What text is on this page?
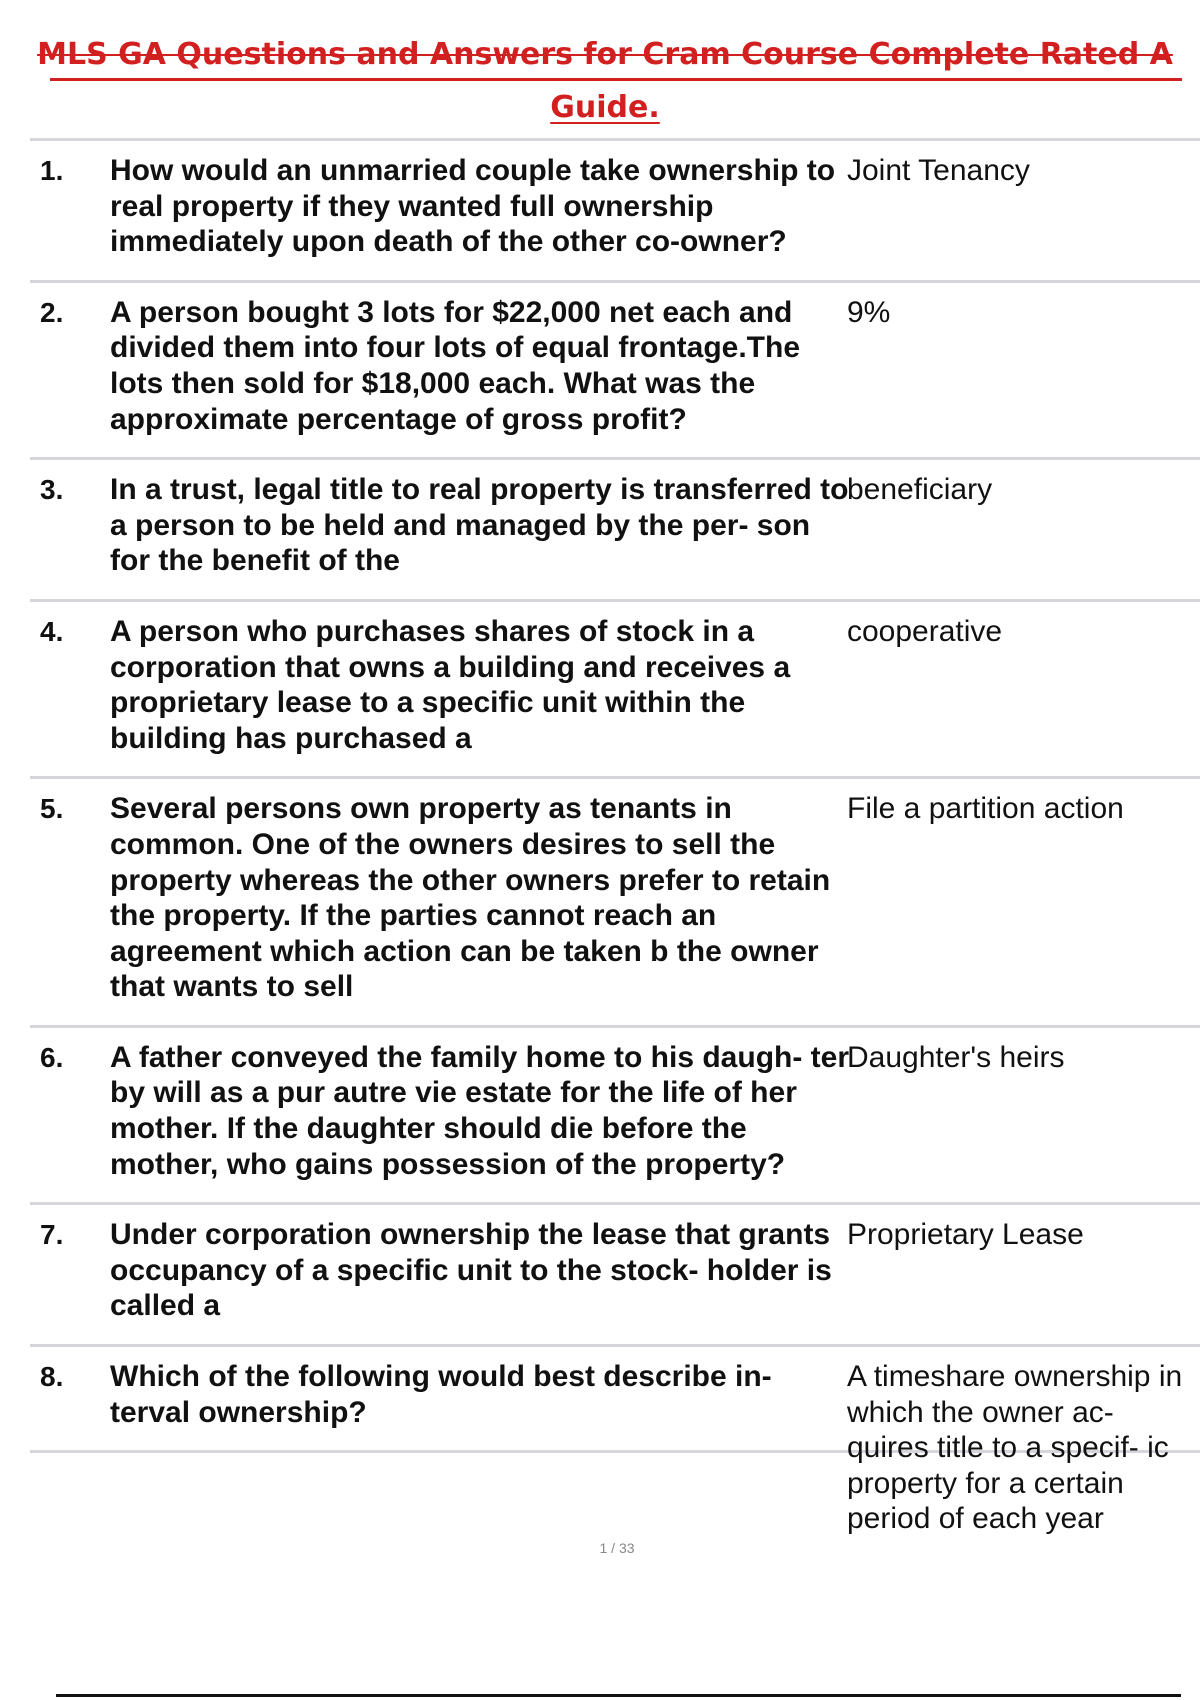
MLS GA Questions and Answers for Cram Course Complete Rated A
Guide.
1. How would an unmarried couple take ownership to real property if they wanted full ownership immediately upon death of the other co-owner?
Joint Tenancy
2. A person bought 3 lots for $22,000 net each and divided them into four lots of equal frontage.The lots then sold for $18,000 each. What was the approximate percentage of gross profit?
9%
3. In a trust, legal title to real property is transferred to a person to be held and managed by the per- son for the benefit of the
beneficiary
4. A person who purchases shares of stock in a corporation that owns a building and receives a proprietary lease to a specific unit within the building has purchased a
cooperative
5. Several persons own property as tenants in common. One of the owners desires to sell the property whereas the other owners prefer to retain the property. If the parties cannot reach an agreement which action can be taken b the owner that wants to sell
File a partition action
6. A father conveyed the family home to his daugh- ter by will as a pur autre vie estate for the life of her mother. If the daughter should die before the mother, who gains possession of the property?
Daughter's heirs
7. Under corporation ownership the lease that grants occupancy of a specific unit to the stock- holder is called a
Proprietary Lease
8. Which of the following would best describe in- terval ownership?
A timeshare ownership in which the owner ac- quires title to a specif- ic property for a certain period of each year
1 / 33
